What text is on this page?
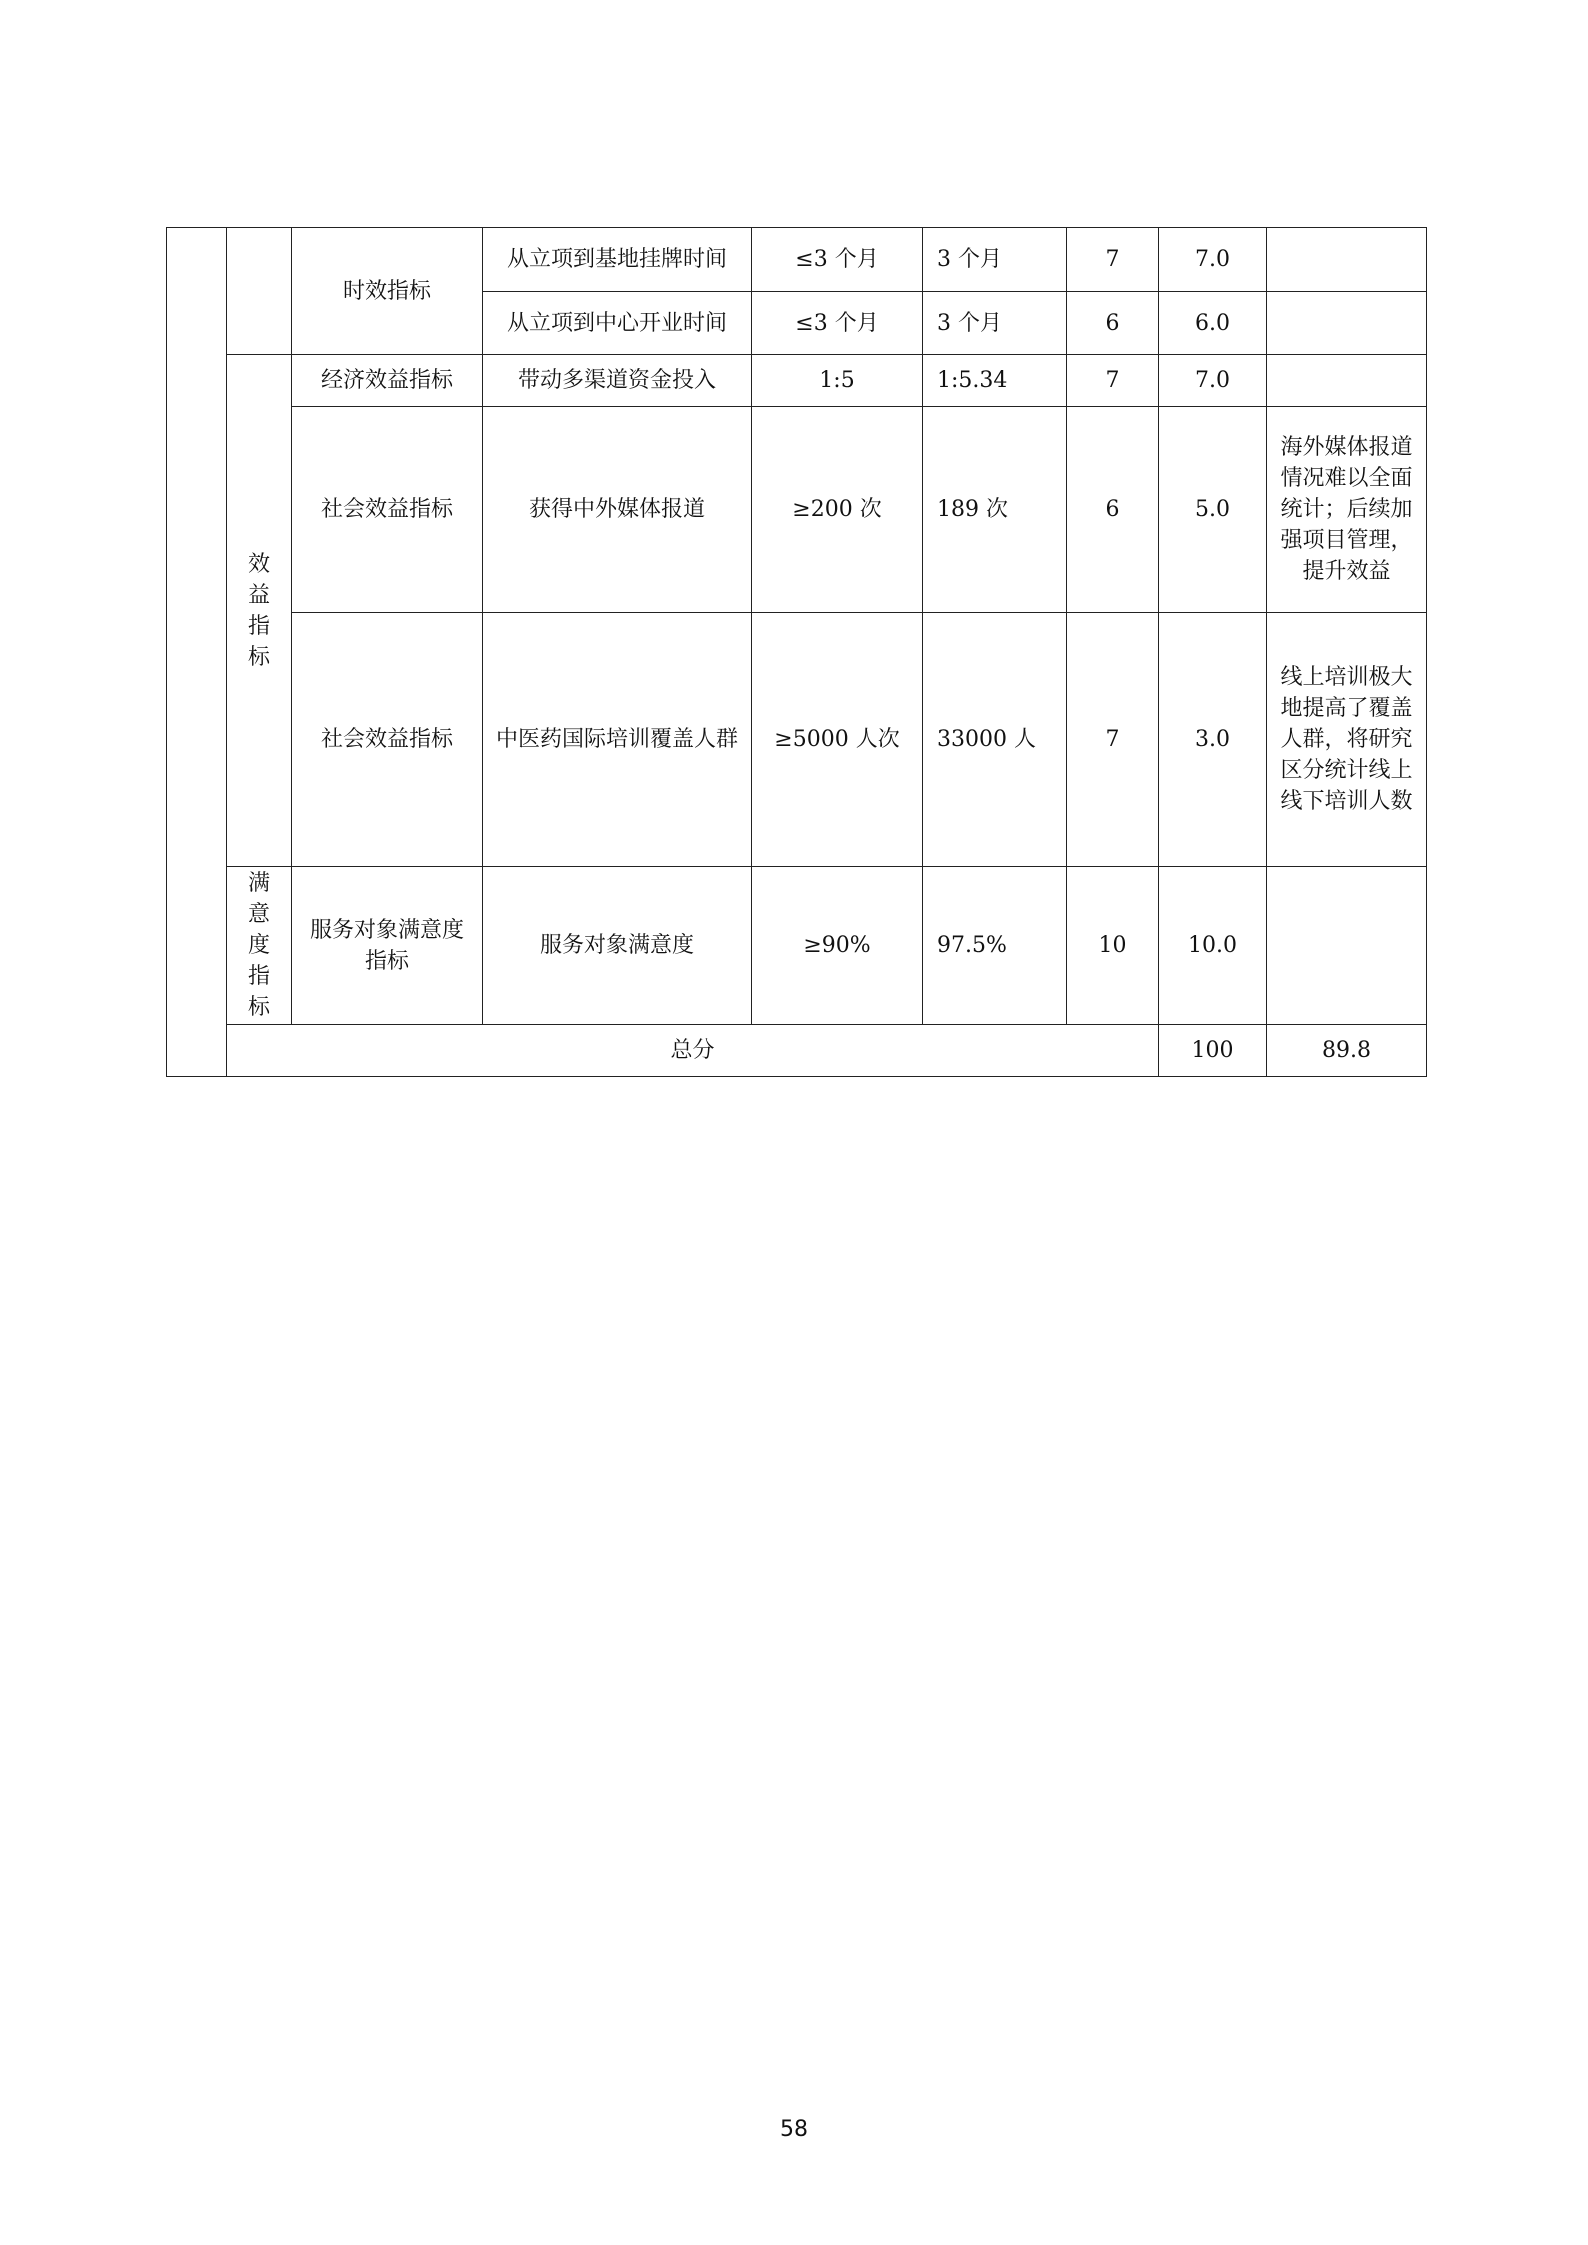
		时效指标	从立项到基地挂牌时间	≤3 个月	3 个月	7	7.0		
			从立项到中心开业时间	≤3 个月	3 个月	6	6.0		

	效益指标	经济效益指标	带动多渠道资金投入	1:5	1:5.34	7	7.0		
		社会效益指标	获得中外媒体报道	≥200 次	189 次	6	5.0	海外媒体报道情况难以全面统计；后续加强项目管理，提升效益	
		社会效益指标	中医药国际培训覆盖人群	≥5000 人次	33000 人	7	3.0	线上培训极大地提高了覆盖人群，将研究区分统计线上线下培训人数	

	满意度指标	服务对象满意度指标	服务对象满意度	≥90%	97.5%	10	10.0		
	总分						100	89.8	
58
